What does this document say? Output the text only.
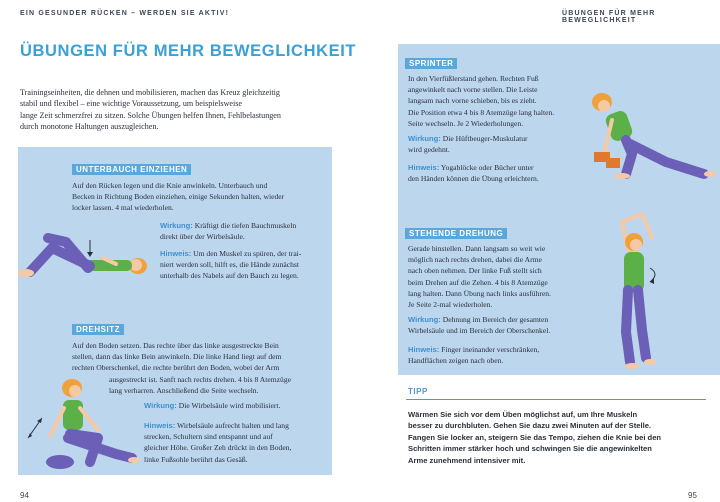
EIN GESUNDER RÜCKEN – WERDEN SIE AKTIV!	ÜBUNGEN FÜR MEHR BEWEGLICHKEIT
ÜBUNGEN FÜR MEHR BEWEGLICHKEIT
Trainingseinheiten, die dehnen und mobilisieren, machen das Kreuz gleichzeitig
stabil und flexibel – eine wichtige Voraussetzung, um beispielsweise
lange Zeit schmerzfrei zu sitzen. Solche Übungen helfen Ihnen, Fehlbelastungen
durch monotone Haltungen auszugleichen.
UNTERBAUCH EINZIEHEN
Auf den Rücken legen und die Knie anwinkeln. Unterbauch und
Becken in Richtung Boden einziehen, einige Sekunden halten, wieder
locker lassen. 4 mal wiederholen.
Wirkung: Kräftigt die tiefen Bauchmuskeln
direkt über der Wirbelsäule.
Hinweis: Um den Muskel zu spüren, der trai-
niert werden soll, hilft es, die Hände zunächst
unterhalb des Nabels auf den Bauch zu legen.
DREHSITZ
Auf den Boden setzen. Das rechte über das linke ausgestreckte Bein
stellen, dann das linke Bein anwinkeln. Die linke Hand liegt auf dem
rechten Oberschenkel, die rechte berührt den Boden, wobei der Arm
ausgestreckt ist. Sanft nach rechts drehen. 4 bis 8 Atemzüge
lang verharren. Anschließend die Seite wechseln.
Wirkung: Die Wirbelsäule wird mobilisiert.
Hinweis: Wirbelsäule aufrecht halten und lang
strecken, Schultern sind entspannt und auf
gleicher Höhe. Großer Zeh drückt in den Boden,
linke Fußsohle berührt das Gesäß.
SPRINTER
In den Vierfüßlerstand gehen. Rechten Fuß
angewinkelt nach vorne stellen. Die Leiste
langsam nach vorne schieben, bis es zieht.
Die Position etwa 4 bis 8 Atemzüge lang halten.
Seite wechseln. Je 2 Wiederholungen.
Wirkung: Die Hüftbeuger-Muskulatur
wird gedehnt.
Hinweis: Yogablöcke oder Bücher unter
den Händen können die Übung erleichtern.
STEHENDE DREHUNG
Gerade hinstellen. Dann langsam so weit wie
möglich nach rechts drehen, dabei die Arme
nach oben nehmen. Der linke Fuß stellt sich
beim Drehen auf die Zehen. 4 bis 8 Atemzüge
lang halten. Dann Übung nach links ausführen.
Je Seite 2-mal wiederholen.
Wirkung: Dehnung im Bereich der gesamten
Wirbelsäule und im Bereich der Oberschenkel.
Hinweis: Finger ineinander verschränken,
Handflächen zeigen nach oben.
TIPP
Wärmen Sie sich vor dem Üben möglichst auf, um Ihre Muskeln
besser zu durchbluten. Gehen Sie dazu zwei Minuten auf der Stelle.
Fangen Sie locker an, steigern Sie das Tempo, ziehen die Knie bei den
Schritten immer stärker hoch und schwingen Sie die angewinkelten
Arme zunehmend intensiver mit.
94	95
